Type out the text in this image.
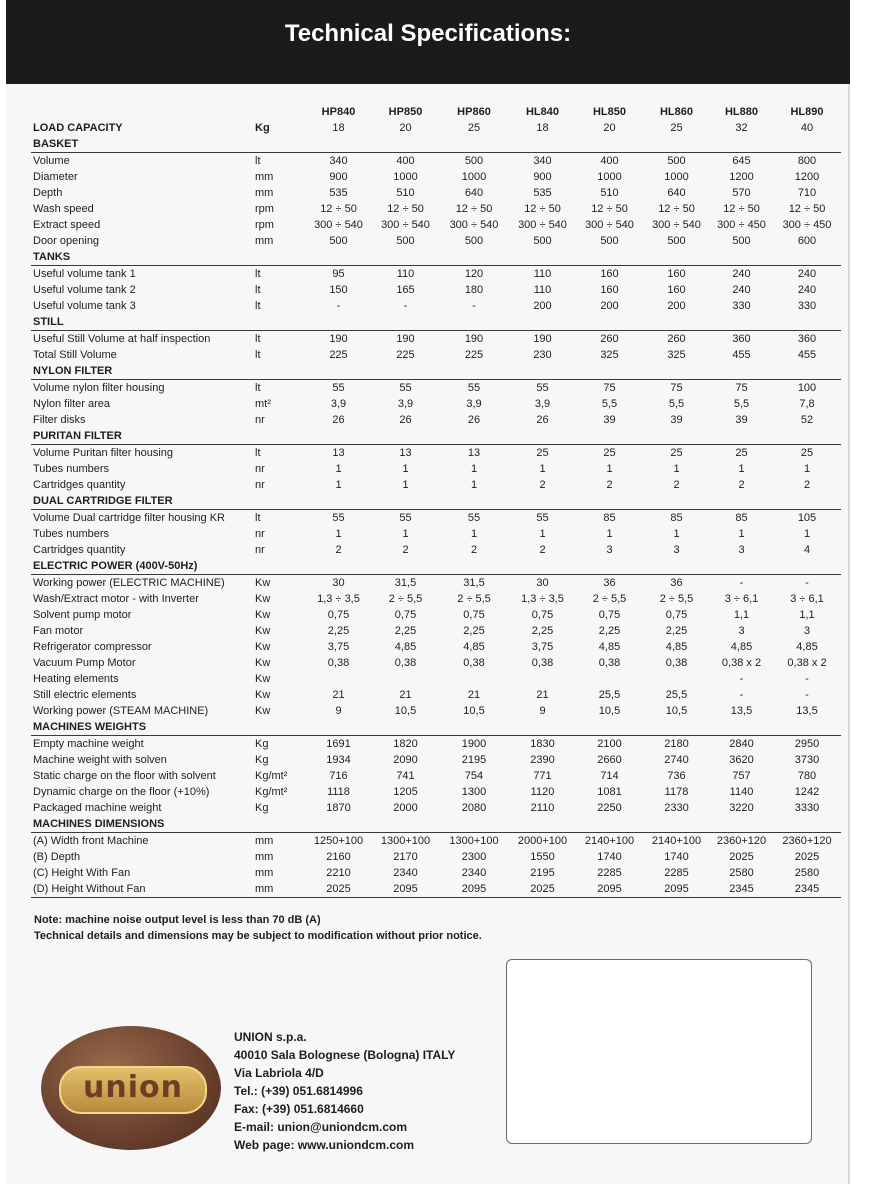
Technical Specifications:
		HP840	HP850	HP860	HL840	HL850	HL860	HL880	HL890
LOAD CAPACITY	Kg	18	20	25	18	20	25	32	40
BASKET									
Volume	lt	340	400	500	340	400	500	645	800
Diameter	mm	900	1000	1000	900	1000	1000	1200	1200
Depth	mm	535	510	640	535	510	640	570	710
Wash speed	rpm	12 ÷ 50	12 ÷ 50	12 ÷ 50	12 ÷ 50	12 ÷ 50	12 ÷ 50	12 ÷ 50	12 ÷ 50
Extract speed	rpm	300 ÷ 540	300 ÷ 540	300 ÷ 540	300 ÷ 540	300 ÷ 540	300 ÷ 540	300 ÷ 450	300 ÷ 450
Door opening	mm	500	500	500	500	500	500	500	600
TANKS									
Useful volume tank 1	lt	95	110	120	110	160	160	240	240
Useful volume tank 2	lt	150	165	180	110	160	160	240	240
Useful volume tank 3	lt	-	-	-	200	200	200	330	330
STILL									
Useful Still Volume at half inspection	lt	190	190	190	190	260	260	360	360
Total Still Volume	lt	225	225	225	230	325	325	455	455
NYLON FILTER									
Volume nylon filter housing	lt	55	55	55	55	75	75	75	100
Nylon filter area	mt²	3,9	3,9	3,9	3,9	5,5	5,5	5,5	7,8
Filter disks	nr	26	26	26	26	39	39	39	52
PURITAN FILTER									
Volume Puritan filter housing	lt	13	13	13	25	25	25	25	25
Tubes numbers	nr	1	1	1	1	1	1	1	1
Cartridges quantity	nr	1	1	1	2	2	2	2	2
DUAL CARTRIDGE FILTER									
Volume Dual cartridge filter housing KR	lt	55	55	55	55	85	85	85	105
Tubes numbers	nr	1	1	1	1	1	1	1	1
Cartridges quantity	nr	2	2	2	2	3	3	3	4
ELECTRIC POWER (400V-50Hz)									
Working power (ELECTRIC MACHINE)	Kw	30	31,5	31,5	30	36	36	-	-
Wash/Extract motor - with Inverter	Kw	1,3 ÷ 3,5	2 ÷ 5,5	2 ÷ 5,5	1,3 ÷ 3,5	2 ÷ 5,5	2 ÷ 5,5	3 ÷ 6,1	3 ÷ 6,1
Solvent pump motor	Kw	0,75	0,75	0,75	0,75	0,75	0,75	1,1	1,1
Fan motor	Kw	2,25	2,25	2,25	2,25	2,25	2,25	3	3
Refrigerator compressor	Kw	3,75	4,85	4,85	3,75	4,85	4,85	4,85	4,85
Vacuum Pump Motor	Kw	0,38	0,38	0,38	0,38	0,38	0,38	0,38 x 2	0,38 x 2
Heating elements	Kw							-	-
Still electric elements	Kw	21	21	21	21	25,5	25,5	-	-
Working power (STEAM MACHINE)	Kw	9	10,5	10,5	9	10,5	10,5	13,5	13,5
MACHINES WEIGHTS									
Empty machine weight	Kg	1691	1820	1900	1830	2100	2180	2840	2950
Machine weight with solven	Kg	1934	2090	2195	2390	2660	2740	3620	3730
Static charge on the floor with solvent	Kg/mt²	716	741	754	771	714	736	757	780
Dynamic charge on the floor (+10%)	Kg/mt²	1118	1205	1300	1120	1081	1178	1140	1242
Packaged machine weight	Kg	1870	2000	2080	2110	2250	2330	3220	3330
MACHINES DIMENSIONS									
(A) Width front Machine	mm	1250+100	1300+100	1300+100	2000+100	2140+100	2140+100	2360+120	2360+120
(B) Depth	mm	2160	2170	2300	1550	1740	1740	2025	2025
(C) Height With Fan	mm	2210	2340	2340	2195	2285	2285	2580	2580
(D) Height Without Fan	mm	2025	2095	2095	2025	2095	2095	2345	2345
Note: machine noise output level is less than 70 dB (A)
Technical details and dimensions may be subject to modification without prior notice.
union
UNION s.p.a.
40010 Sala Bolognese (Bologna) ITALY
Via Labriola 4/D
Tel.: (+39) 051.6814996
Fax: (+39) 051.6814660
E-mail: union@uniondcm.com
Web page: www.uniondcm.com
